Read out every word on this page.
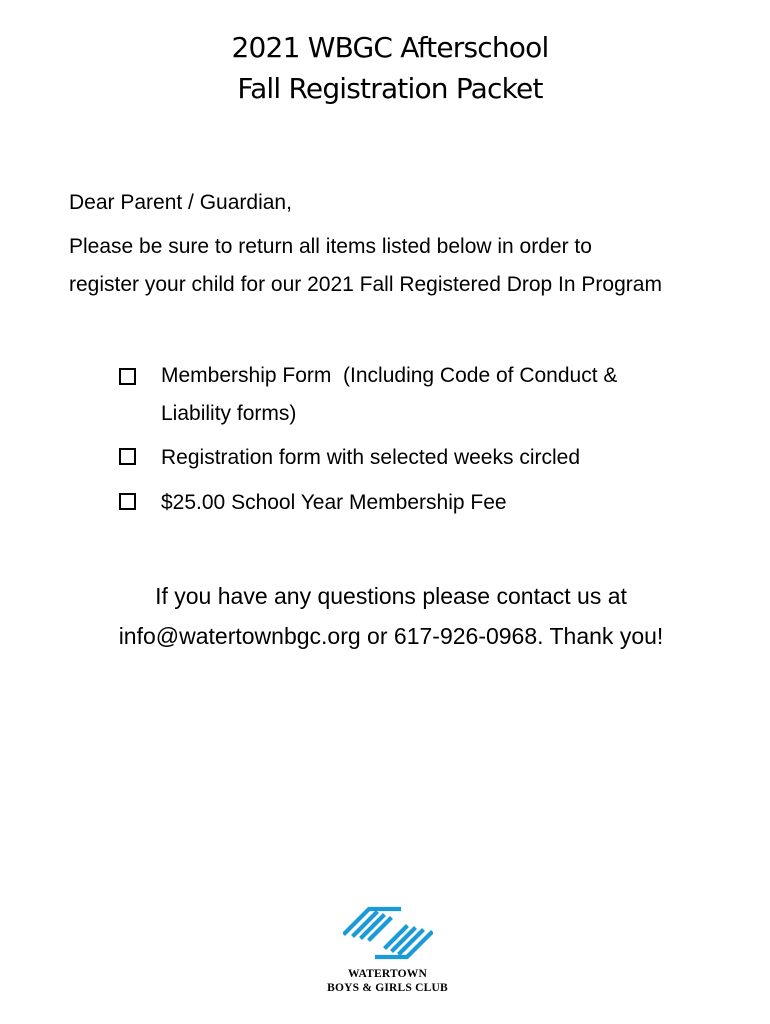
2021 WBGC Afterschool
Fall Registration Packet
Dear Parent / Guardian,
Please be sure to return all items listed below in order to
register your child for our 2021 Fall Registered Drop In Program
Membership Form  (Including Code of Conduct &
Liability forms)
Registration form with selected weeks circled
$25.00 School Year Membership Fee
If you have any questions please contact us at
info@watertownbgc.org or 617-926-0968. Thank you!
WATERTOWN
BOYS & GIRLS CLUB
